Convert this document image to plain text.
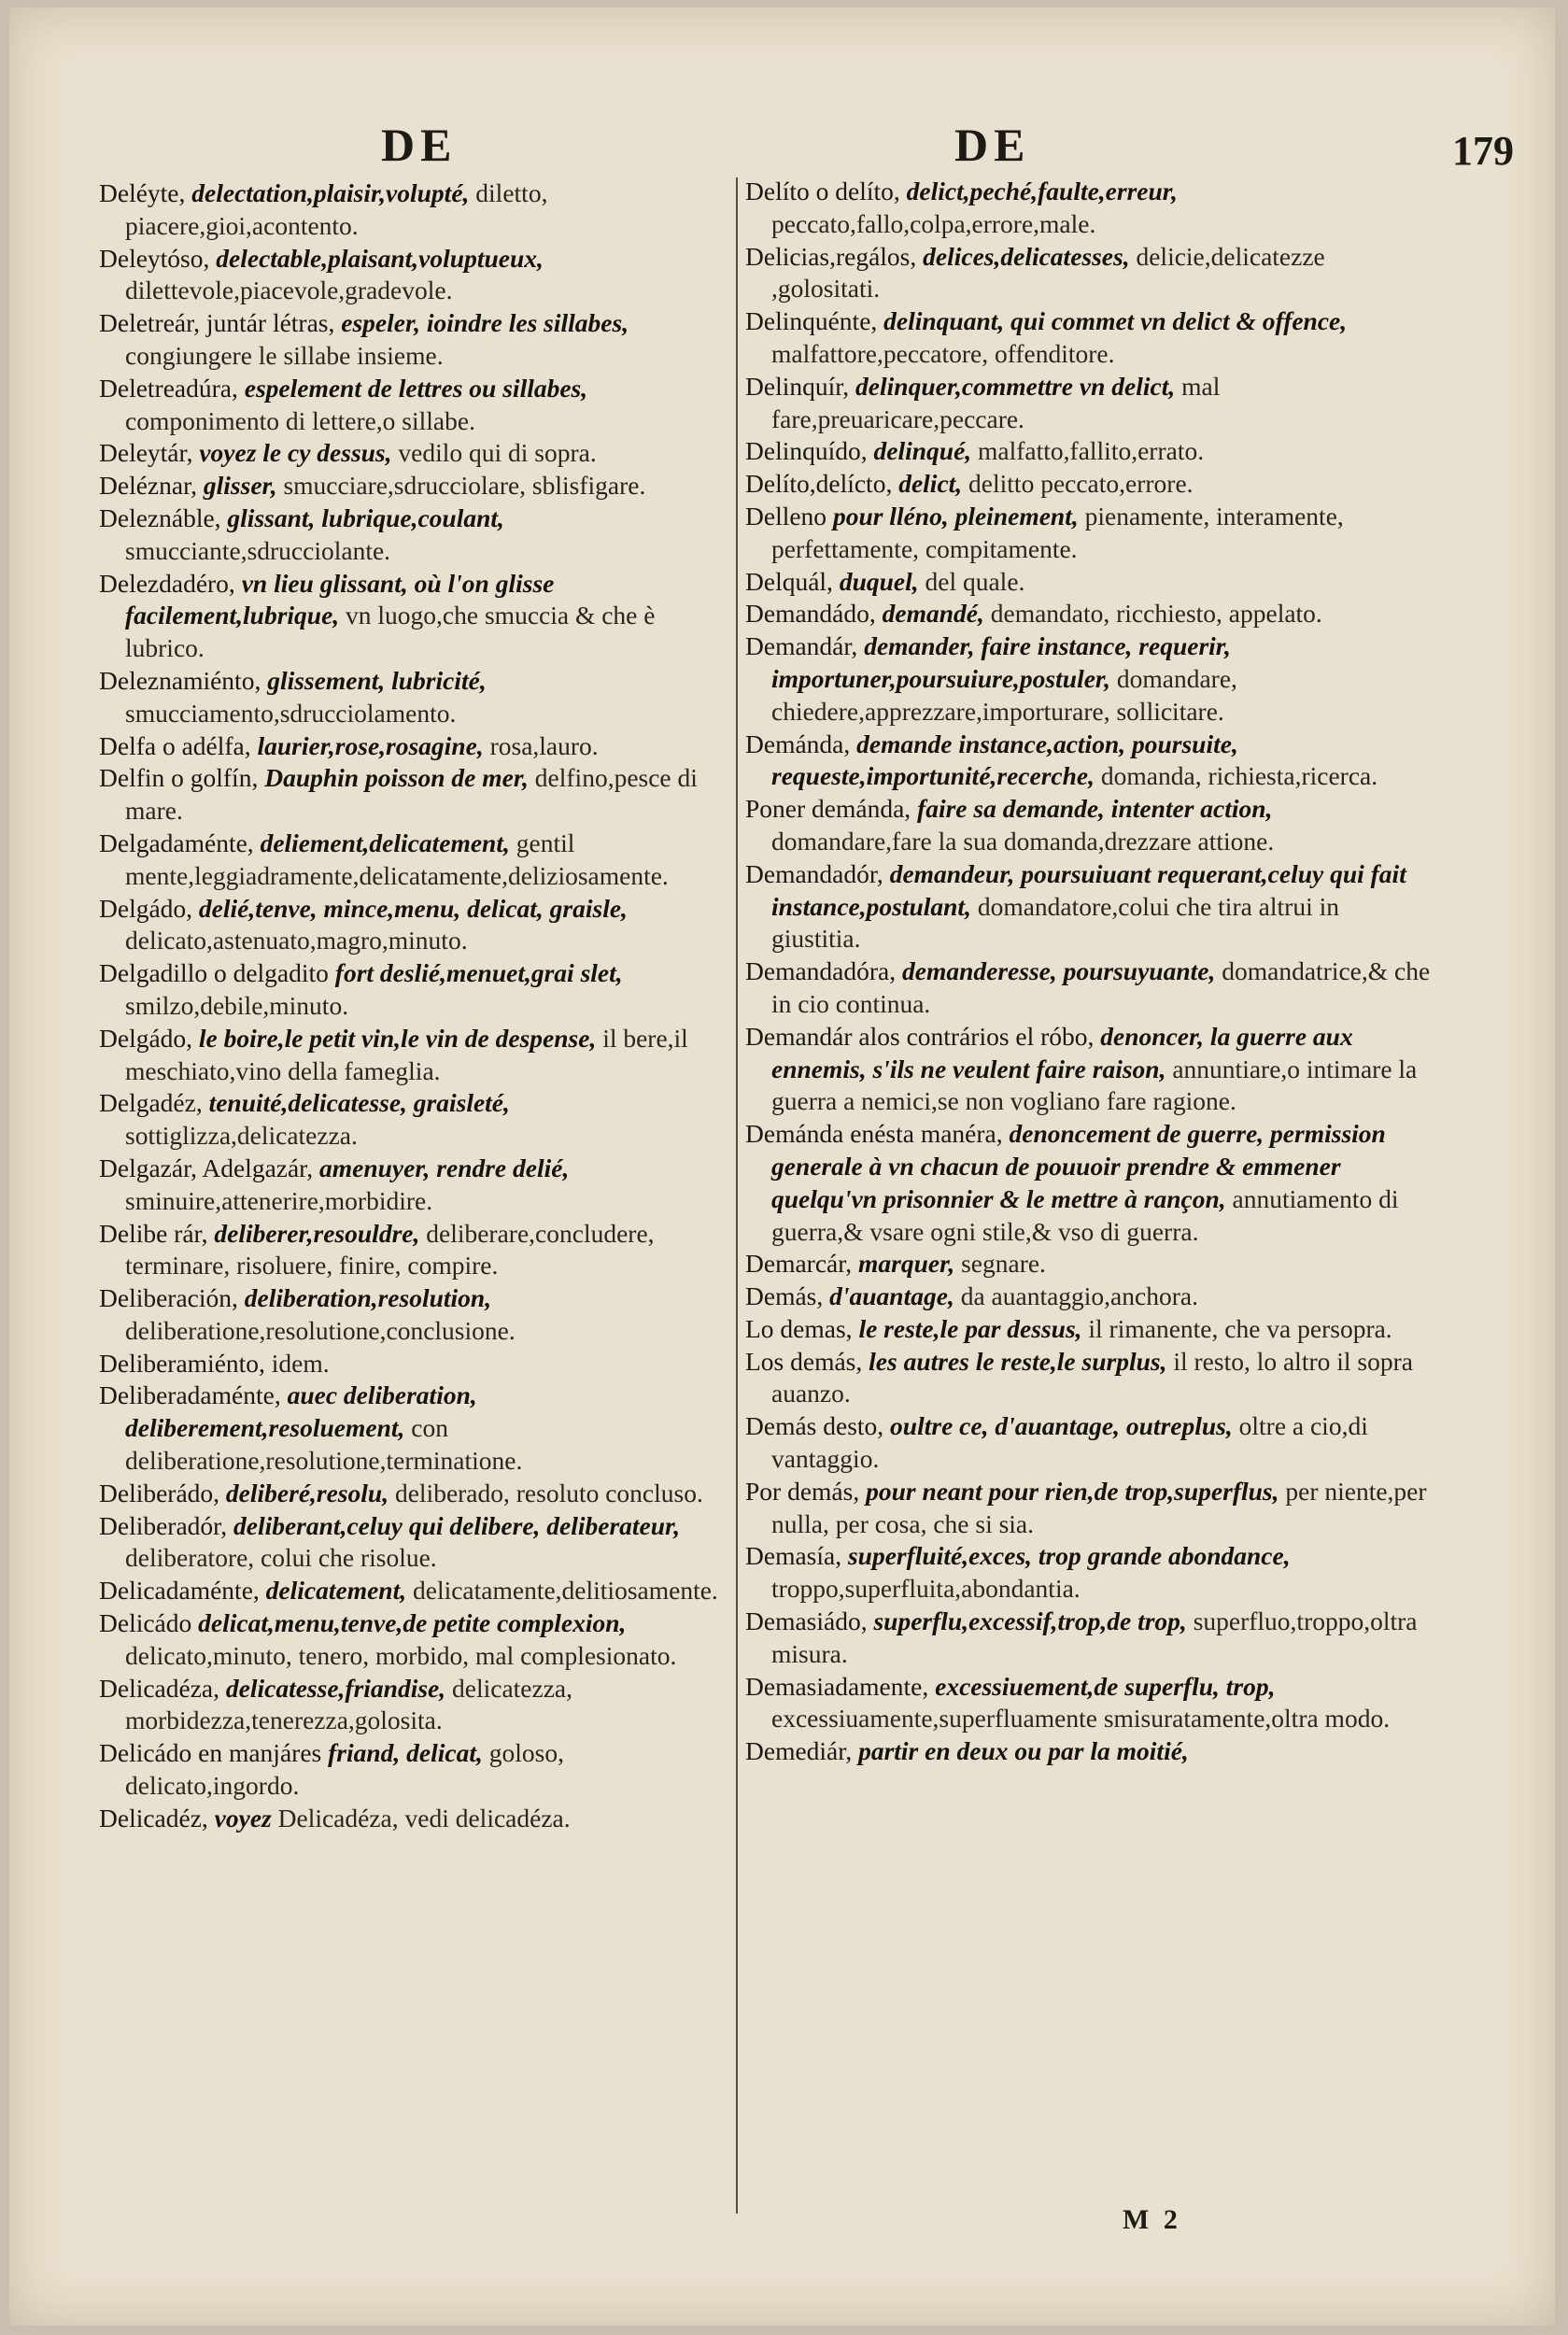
DE	DE	179
Deléyte, delectation,plaisir,volupté, diletto, piacere,gioi,acontento.
Deleytóso, delectable,plaisant,voluptueux, dilettevole,piacevole,gradevole.
Deletreár, juntár létras, espeler, ioindre les sillabes, congiungere le sillabe insieme.
Deletreadúra, espelement de lettres ou sillabes, componimento di lettere,o sillabe.
Deleytár, voyez le cy dessus, vedilo qui di sopra.
Deléznar, glisser, smucciare,sdrucciolare, sblisfigare.
Deleznáble, glissant, lubrique,coulant, smucciante,sdrucciolante.
Delezdadéro, vn lieu glissant, où l'on glisse facilement,lubrique, vn luogo,che smuccia & che è lubrico.
Deleznamiénto, glissement, lubricité, smucciamento,sdrucciolamento.
Delfa o adélfa, laurier,rose,rosagine, rosa,lauro.
Delfin o golfín, Dauphin poisson de mer, delfino,pesce di mare.
Delgadaménte, deliement,delicatement, gentil mente,leggiadramente,delicatamente,deliziosamente.
Delgádo, delié,tenve, mince,menu, delicat, graisle, delicato,astenuato,magro,minuto.
Delgadillo o delgadito fort deslié,menuet,grai slet, smilzo,debile,minuto.
Delgádo, le boire,le petit vin,le vin de despense, il bere,il meschiato,vino della fameglia.
Delgadéz, tenuité,delicatesse, graisleté, sottiglizza,delicatezza.
Delgazár, Adelgazár, amenuyer, rendre delié, sminuire,attenerire,morbidire.
Delibe rár, deliberer,resouldre, deliberare,concludere, terminare, risoluere, finire, compire.
Deliberación, deliberation,resolution, deliberatione,resolutione,conclusione.
Deliberamiénto, idem.
Deliberadaménte, auec deliberation, deliberement,resoluement, con deliberatione,resolutione,terminatione.
Deliberádo, deliberé,resolu, deliberado, resoluto concluso.
Deliberadór, deliberant,celuy qui delibere, deliberateur, deliberatore, colui che risolue.
Delicadaménte, delicatement, delicatamente,delitiosamente.
Delicádo delicat,menu,tenve,de petite complexion, delicato,minuto, tenero, morbido, mal complesionato.
Delicadéza, delicatesse,friandise, delicatezza, morbidezza,tenerezza,golosita.
Delicádo en manjáres friand, delicat, goloso, delicato,ingordo.
Delicadéz, voyez Delicadéza, vedi delicadéza.
Delíto o delíto, delict,peché,faulte,erreur, peccato,fallo,colpa,errore,male.
Delicias,regálos, delices,delicatesses, delicie,delicatezze ,golositati.
Delinquénte, delinquant, qui commet vn delict & offence, malfattore,peccatore, offenditore.
Delinquír, delinquer,commettre vn delict, mal fare,preuaricare,peccare.
Delinquído, delinqué, malfatto,fallito,errato.
Delíto,delícto, delict, delitto peccato,errore.
Delleno pour lléno, pleinement, pienamente, interamente, perfettamente, compitamente.
Delquál, duquel, del quale.
Demandádo, demandé, demandato, ricchiesto, appelato.
Demandár, demander, faire instance, requerir, importuner,poursuiure,postuler, domandare, chiedere,apprezzare,importurare, sollicitare.
Demánda, demande instance,action, poursuite, requeste,importunité,recerche, domanda, richiesta,ricerca.
Poner demánda, faire sa demande, intenter action, domandare,fare la sua domanda,drezzare attione.
Demandadór, demandeur, poursuiuant requerant,celuy qui fait instance,postulant, domandatore,colui che tira altrui in giustitia.
Demandadóra, demanderesse, poursuyuante, domandatrice,& che in cio continua.
Demandár alos contrários el róbo, denoncer, la guerre aux ennemis, s'ils ne veulent faire raison, annuntiare,o intimare la guerra a nemici,se non vogliano fare ragione.
Demánda enésta manéra, denoncement de guerre, permission generale à vn chacun de pouuoir prendre & emmener quelqu'vn prisonnier & le mettre à rançon, annutiamento di guerra,& vsare ogni stile,& vso di guerra.
Demarcár, marquer, segnare.
Demás, d'auantage, da auantaggio,anchora.
Lo demas, le reste,le par dessus, il rimanente, che va persopra.
Los demás, les autres le reste,le surplus, il resto, lo altro il sopra auanzo.
Demás desto, oultre ce, d'auantage, outreplus, oltre a cio,di vantaggio.
Por demás, pour neant pour rien,de trop,superflus, per niente,per nulla, per cosa, che si sia.
Demasía, superfluité,exces, trop grande abondance, troppo,superfluita,abondantia.
Demasiádo, superflu,excessif,trop,de trop, superfluo,troppo,oltra misura.
Demasiadamente, excessiuement,de superflu, trop, excessiuamente,superfluamente smisuratamente,oltra modo.
Demediár, partir en deux ou par la moitié,
M 2
